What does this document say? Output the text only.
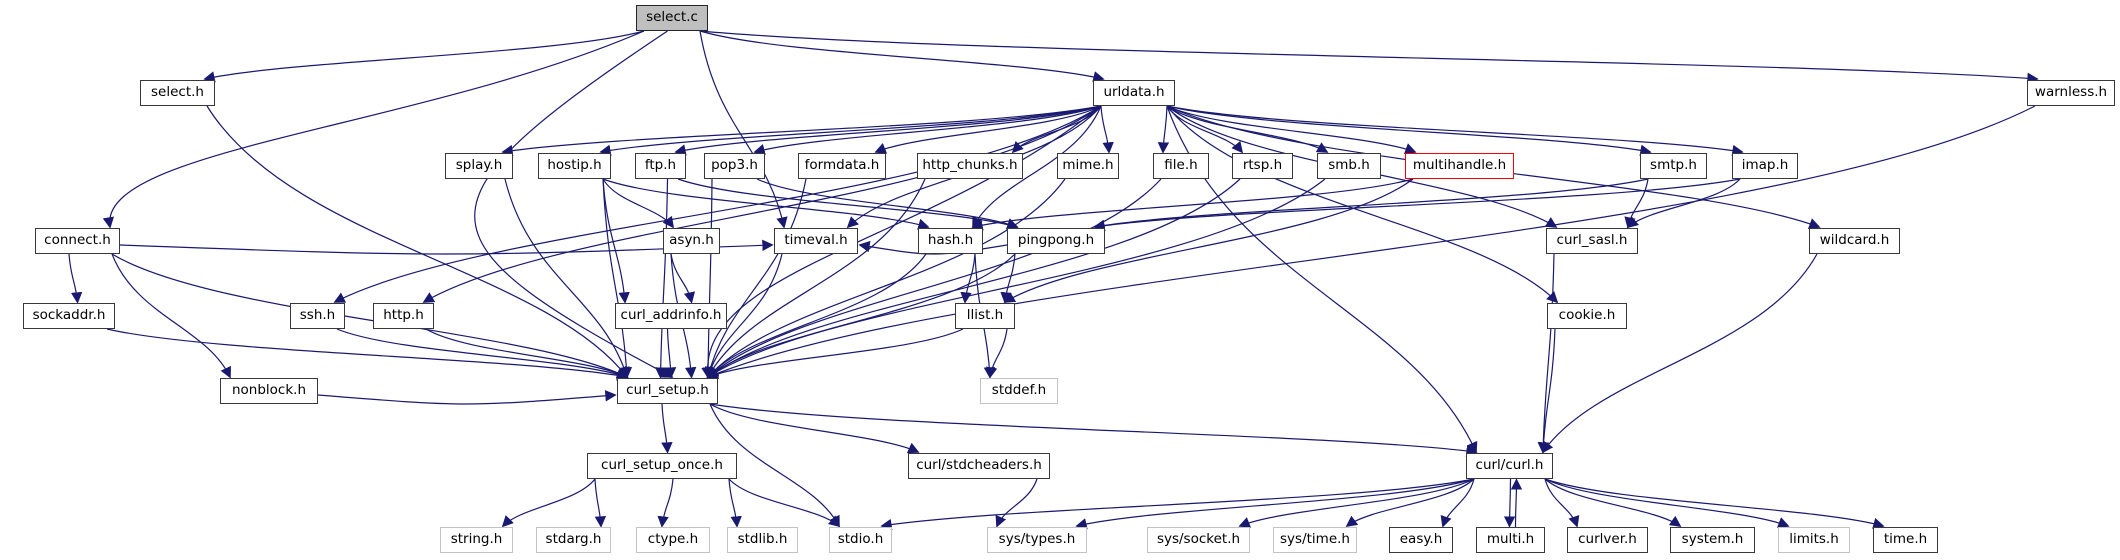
select.c
select.h	urldata.h	warnless.h
splay.h	hostip.h	ftp.h	pop3.h	formdata.h	http_chunks.h	mime.h	file.h	rtsp.h	smb.h	multihandle.h	smtp.h	imap.h
connect.h	asyn.h	timeval.h	hash.h	pingpong.h	curl_sasl.h	wildcard.h
sockaddr.h	ssh.h	http.h	curl_addrinfo.h	llist.h	cookie.h
nonblock.h	curl_setup.h	stddef.h
curl_setup_once.h	curl/stdcheaders.h	curl/curl.h
string.h	stdarg.h	ctype.h	stdlib.h	stdio.h	sys/types.h	sys/socket.h	sys/time.h	easy.h	multi.h	curlver.h	system.h	limits.h	time.h
